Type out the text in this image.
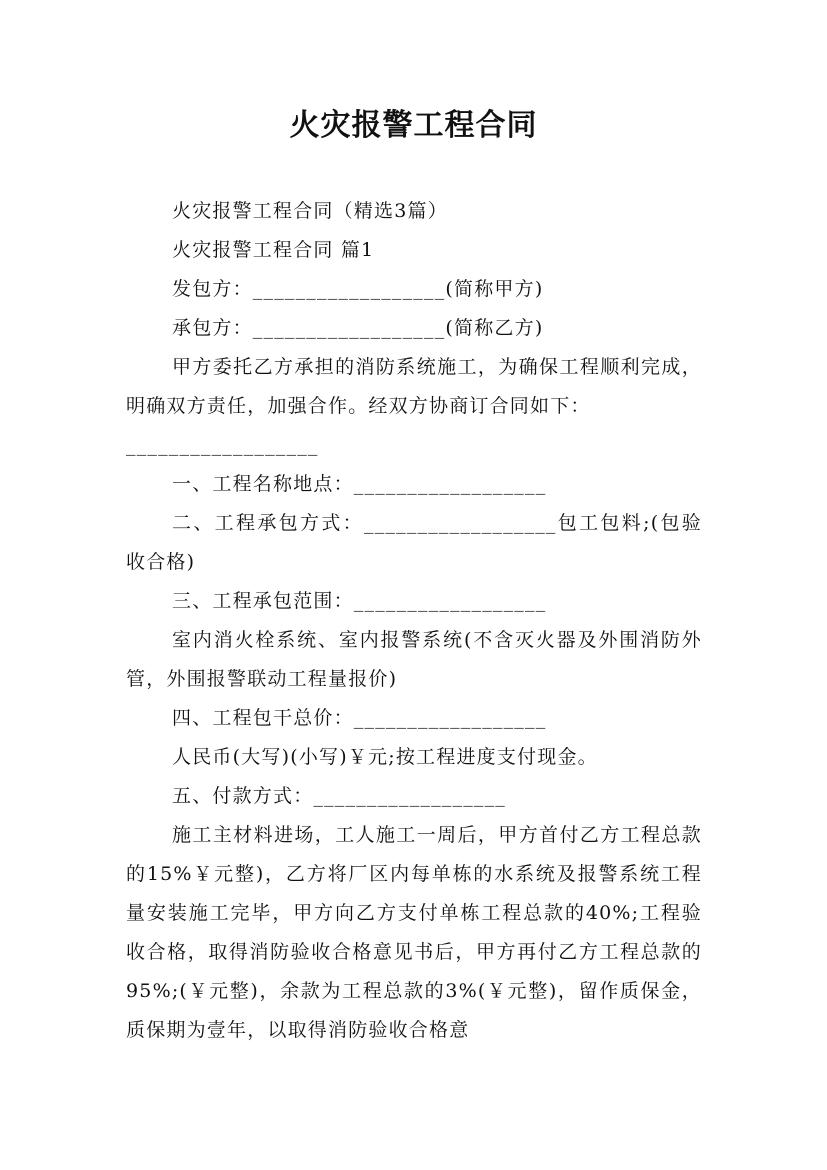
火灾报警工程合同

火灾报警工程合同（精选3篇）

火灾报警工程合同 篇1

发包方：__________________(简称甲方)

承包方：__________________(简称乙方)

甲方委托乙方承担的消防系统施工，为确保工程顺利完成，明确双方责任，加强合作。经双方协商订合同如下：

__________________

一、工程名称地点：__________________

二、工程承包方式：__________________包工包料;(包验收合格)

三、工程承包范围：__________________

室内消火栓系统、室内报警系统(不含灭火器及外围消防外管，外围报警联动工程量报价)

四、工程包干总价：__________________

人民币(大写)(小写)￥元;按工程进度支付现金。

五、付款方式：__________________

施工主材料进场，工人施工一周后，甲方首付乙方工程总款的15%￥元整)，乙方将厂区内每单栋的水系统及报警系统工程量安装施工完毕，甲方向乙方支付单栋工程总款的40%;工程验收合格，取得消防验收合格意见书后，甲方再付乙方工程总款的95%;(￥元整)，余款为工程总款的3%(￥元整)，留作质保金，质保期为壹年，以取得消防验收合格意
